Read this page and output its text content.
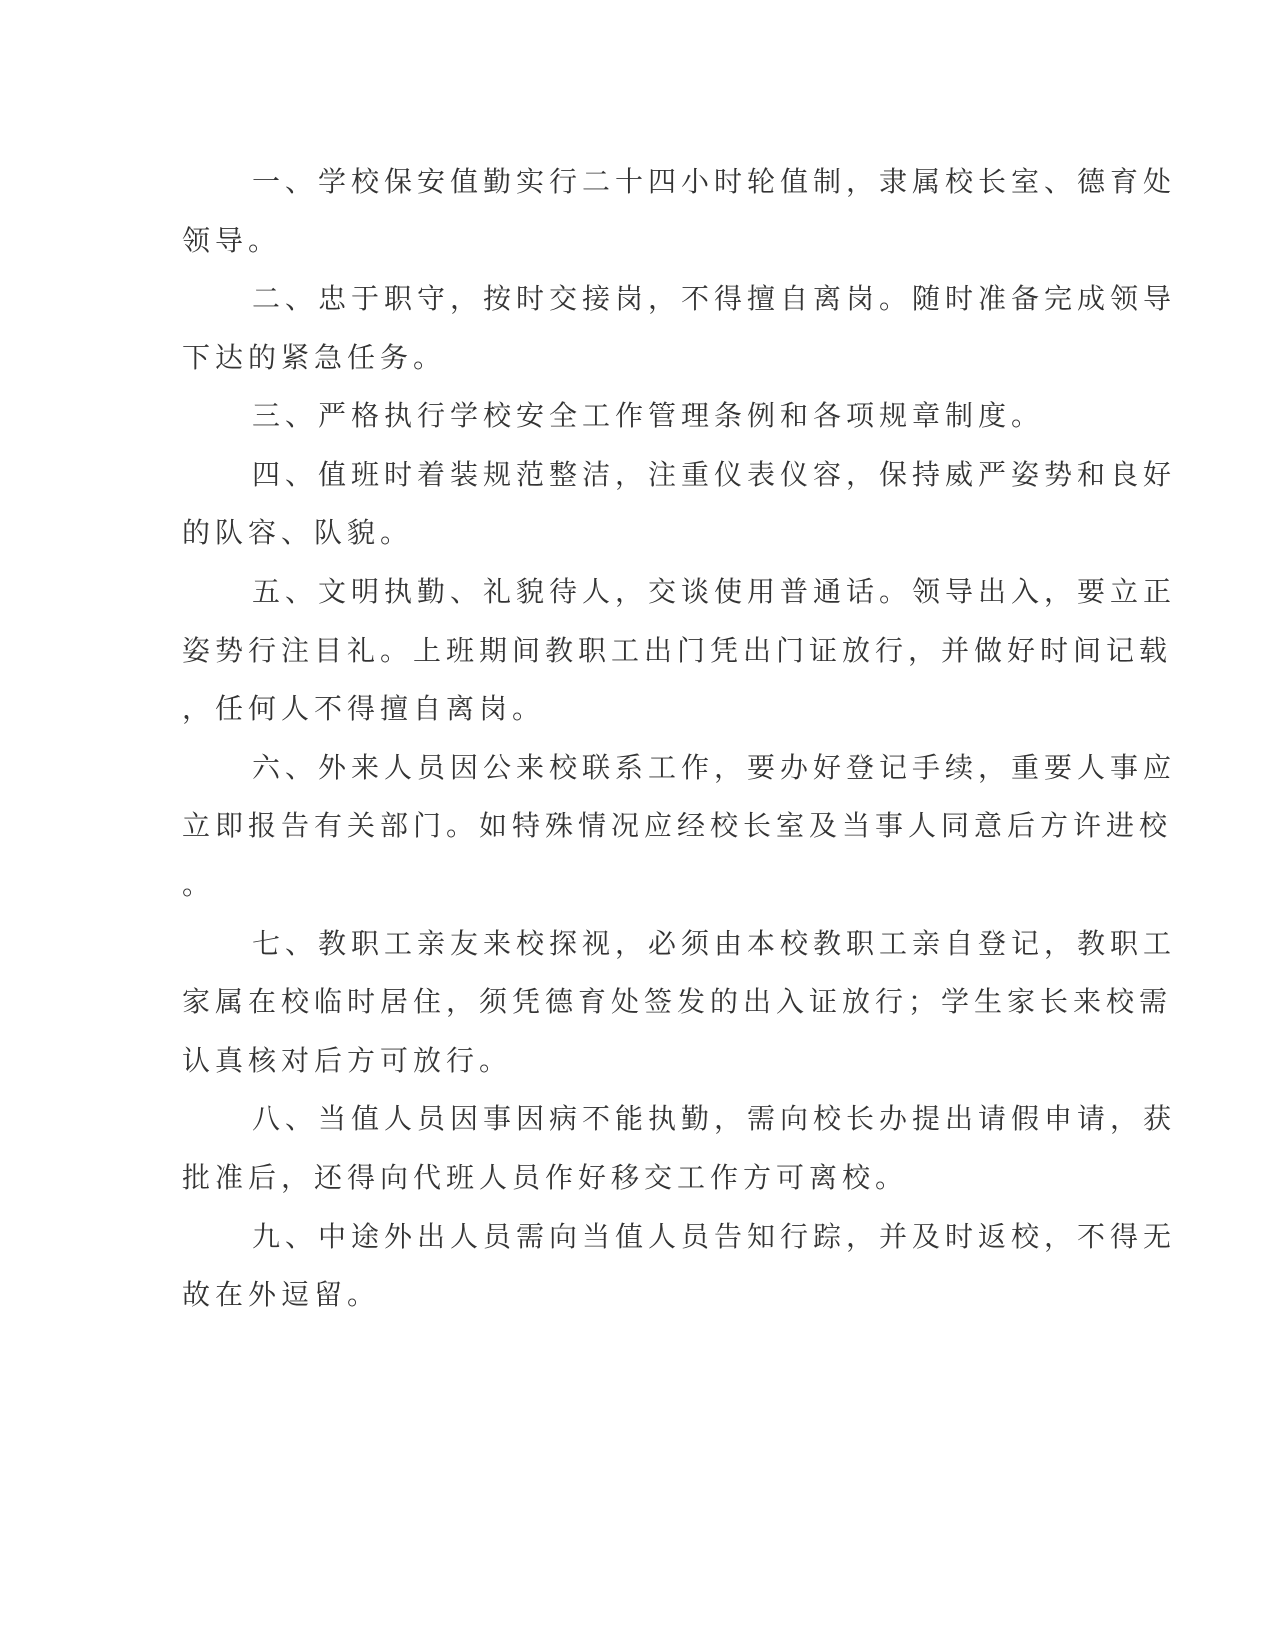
一、学校保安值勤实行二十四小时轮值制，隶属校长室、德育处

领导。

二、忠于职守，按时交接岗，不得擅自离岗。随时准备完成领导

下达的紧急任务。

三、严格执行学校安全工作管理条例和各项规章制度。

四、值班时着装规范整洁，注重仪表仪容，保持威严姿势和良好

的队容、队貌。

五、文明执勤、礼貌待人，交谈使用普通话。领导出入，要立正

姿势行注目礼。上班期间教职工出门凭出门证放行，并做好时间记载

，任何人不得擅自离岗。

六、外来人员因公来校联系工作，要办好登记手续，重要人事应

立即报告有关部门。如特殊情况应经校长室及当事人同意后方许进校

。

七、教职工亲友来校探视，必须由本校教职工亲自登记，教职工

家属在校临时居住，须凭德育处签发的出入证放行；学生家长来校需

认真核对后方可放行。

八、当值人员因事因病不能执勤，需向校长办提出请假申请，获

批准后，还得向代班人员作好移交工作方可离校。

九、中途外出人员需向当值人员告知行踪，并及时返校，不得无

故在外逗留。
